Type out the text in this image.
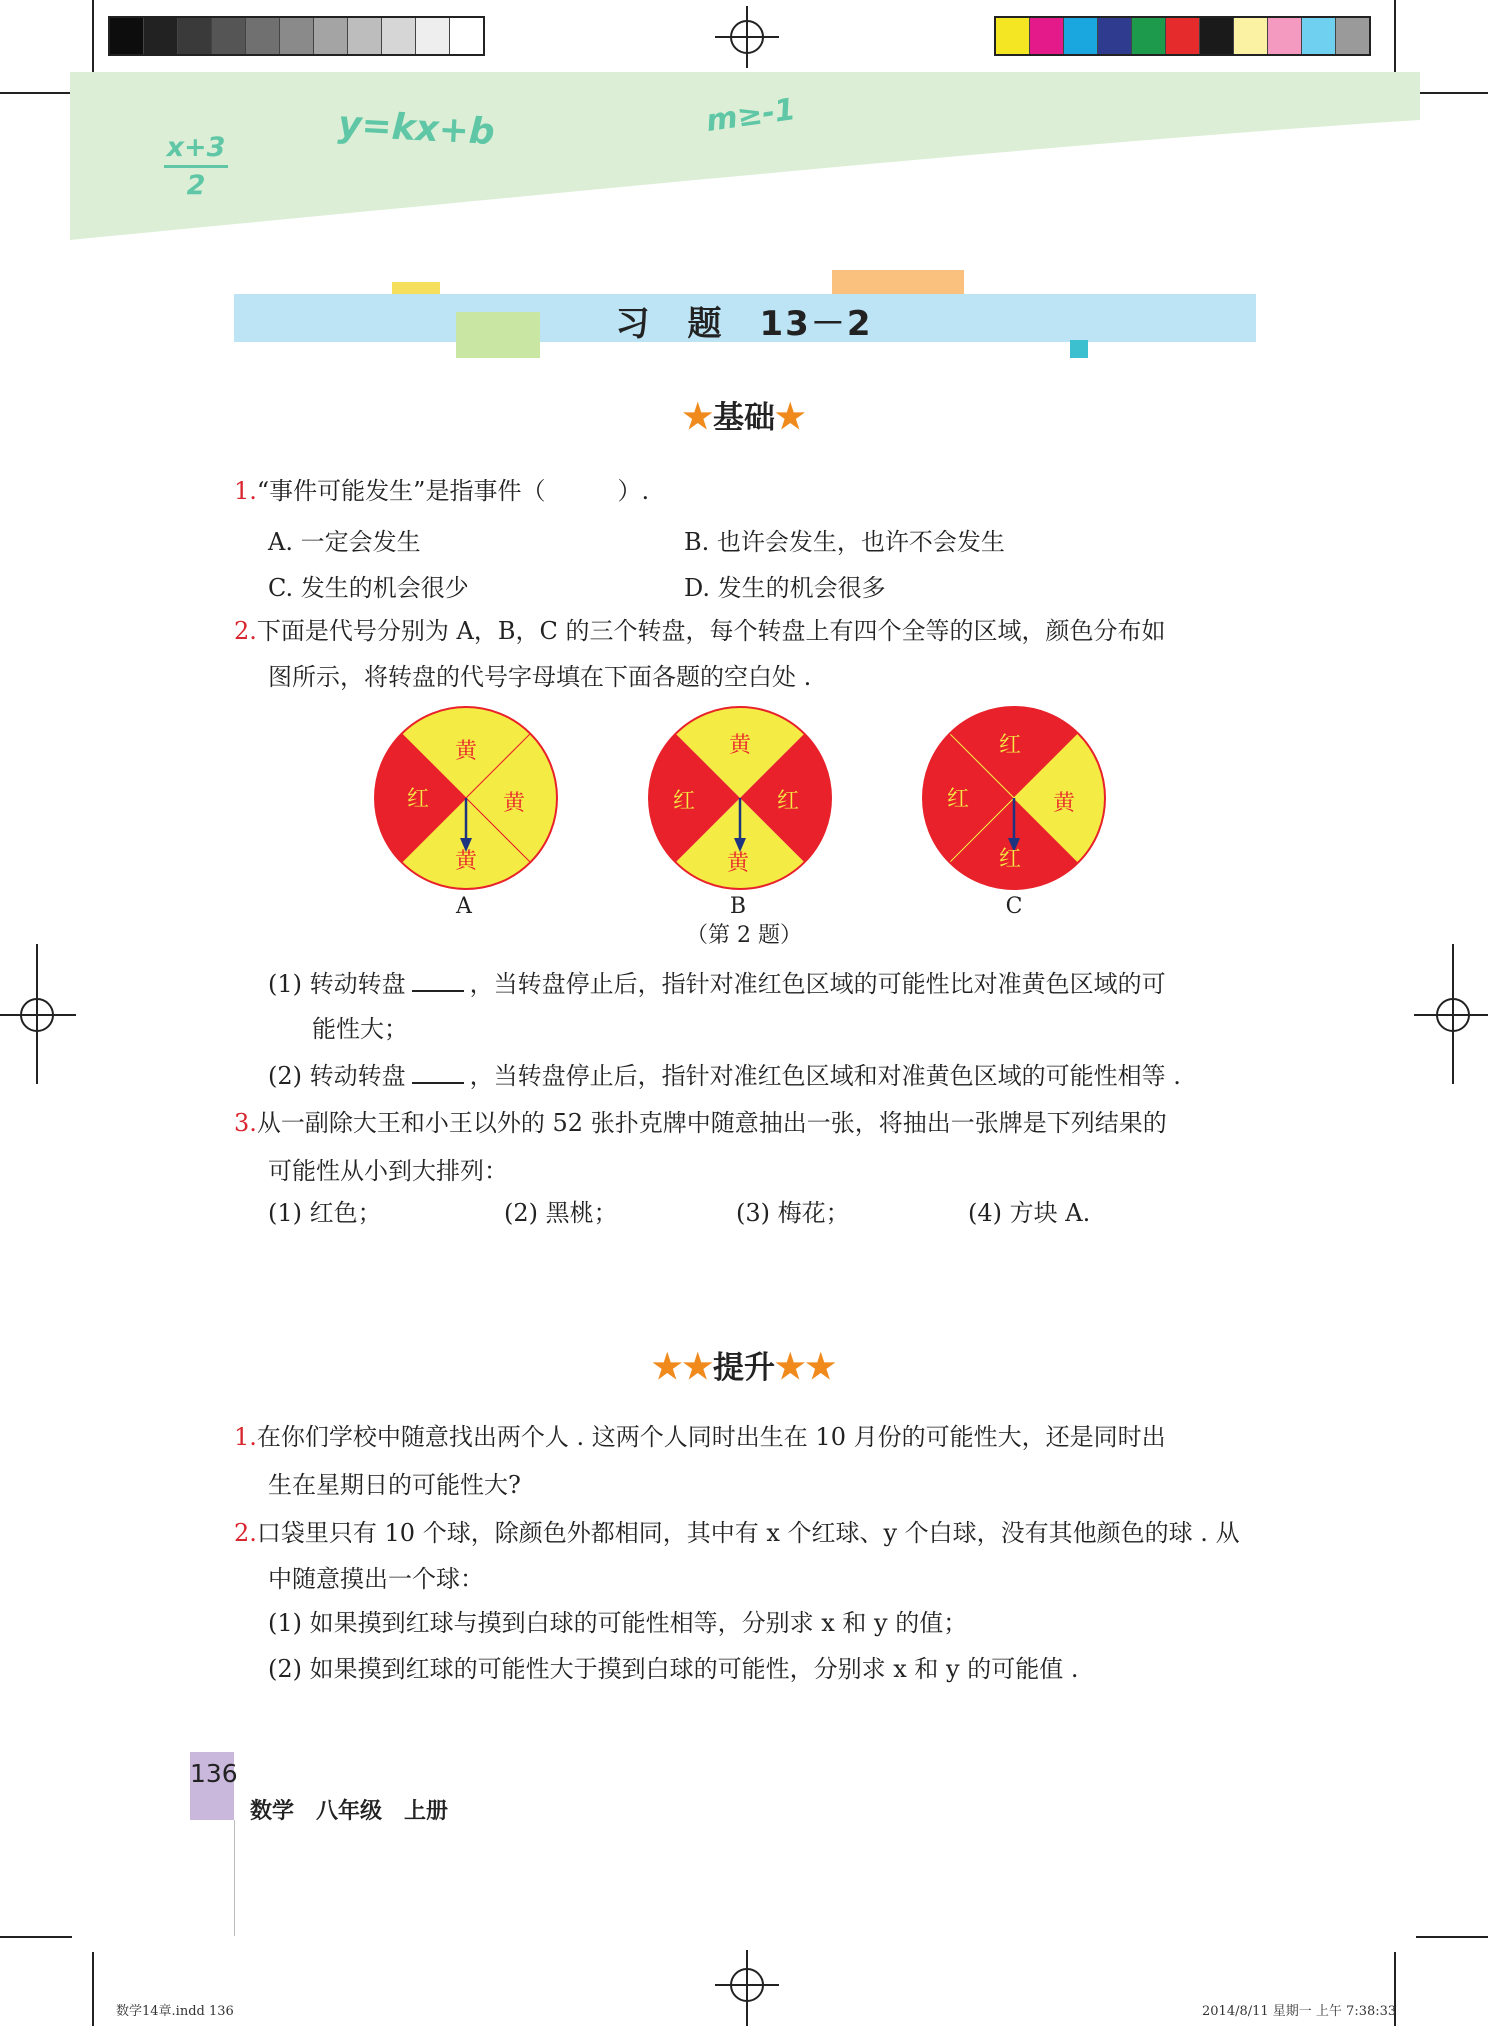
x+3
2
y=kx+b	m≥-1
习　题　13－2
★基础★
1.“事件可能发生”是指事件（　　　）.
A. 一定会发生	B. 也许会发生，也许不会发生
C. 发生的机会很少	D. 发生的机会很多
2.下面是代号分别为 A，B，C 的三个转盘，每个转盘上有四个全等的区域，颜色分布如
图所示，将转盘的代号字母填在下面各题的空白处 .
黄
红	黄
黄
黄
红	红
黄
红
红	黄
红
A	B	C
（第 2 题）
(1) 转动转盘	，当转盘停止后，指针对准红色区域的可能性比对准黄色区域的可
能性大；
(2) 转动转盘	，当转盘停止后，指针对准红色区域和对准黄色区域的可能性相等 .
3.从一副除大王和小王以外的 52 张扑克牌中随意抽出一张，将抽出一张牌是下列结果的
可能性从小到大排列：
(1) 红色；	(2) 黑桃；	(3) 梅花；	(4) 方块 A.
★★提升★★
1.在你们学校中随意找出两个人 . 这两个人同时出生在 10 月份的可能性大，还是同时出
生在星期日的可能性大?
2.口袋里只有 10 个球，除颜色外都相同，其中有 x 个红球、y 个白球，没有其他颜色的球 . 从
中随意摸出一个球：
(1) 如果摸到红球与摸到白球的可能性相等，分别求 x 和 y 的值；
(2) 如果摸到红球的可能性大于摸到白球的可能性，分别求 x 和 y 的可能值 .
136
数学　八年级　上册
数学14章.indd 136	2014/8/11 星期一 上午 7:38:33
